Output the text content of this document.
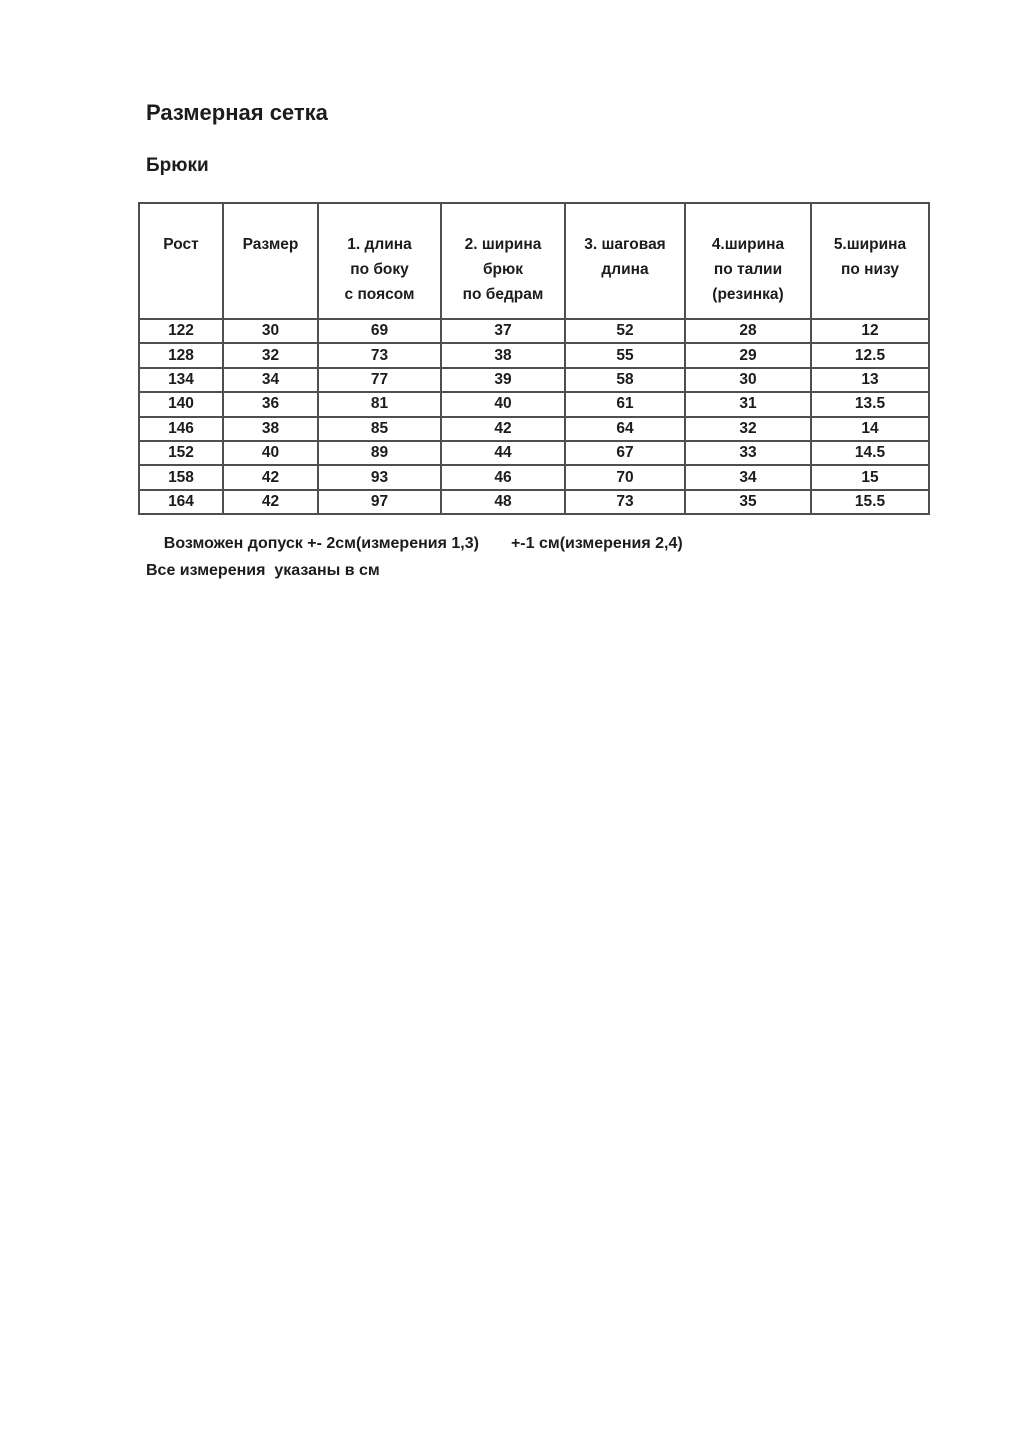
Размерная сетка
Брюки
Рост	Размер	1. длина
по боку
с поясом	2. ширина
брюк
по бедрам	3. шаговая
длина	4.ширина
по талии
(резинка)	5.ширина
по низу
122	30	69	37	52	28	12
128	32	73	38	55	29	12.5
134	34	77	39	58	30	13
140	36	81	40	61	31	13.5
146	38	85	42	64	32	14
152	40	89	44	67	33	14.5
158	42	93	46	70	34	15
164	42	97	48	73	35	15.5

Возможен допуск +- 2см(измерения 1,3) +-1 см(измерения 2,4)

Все измерения  указаны в см
